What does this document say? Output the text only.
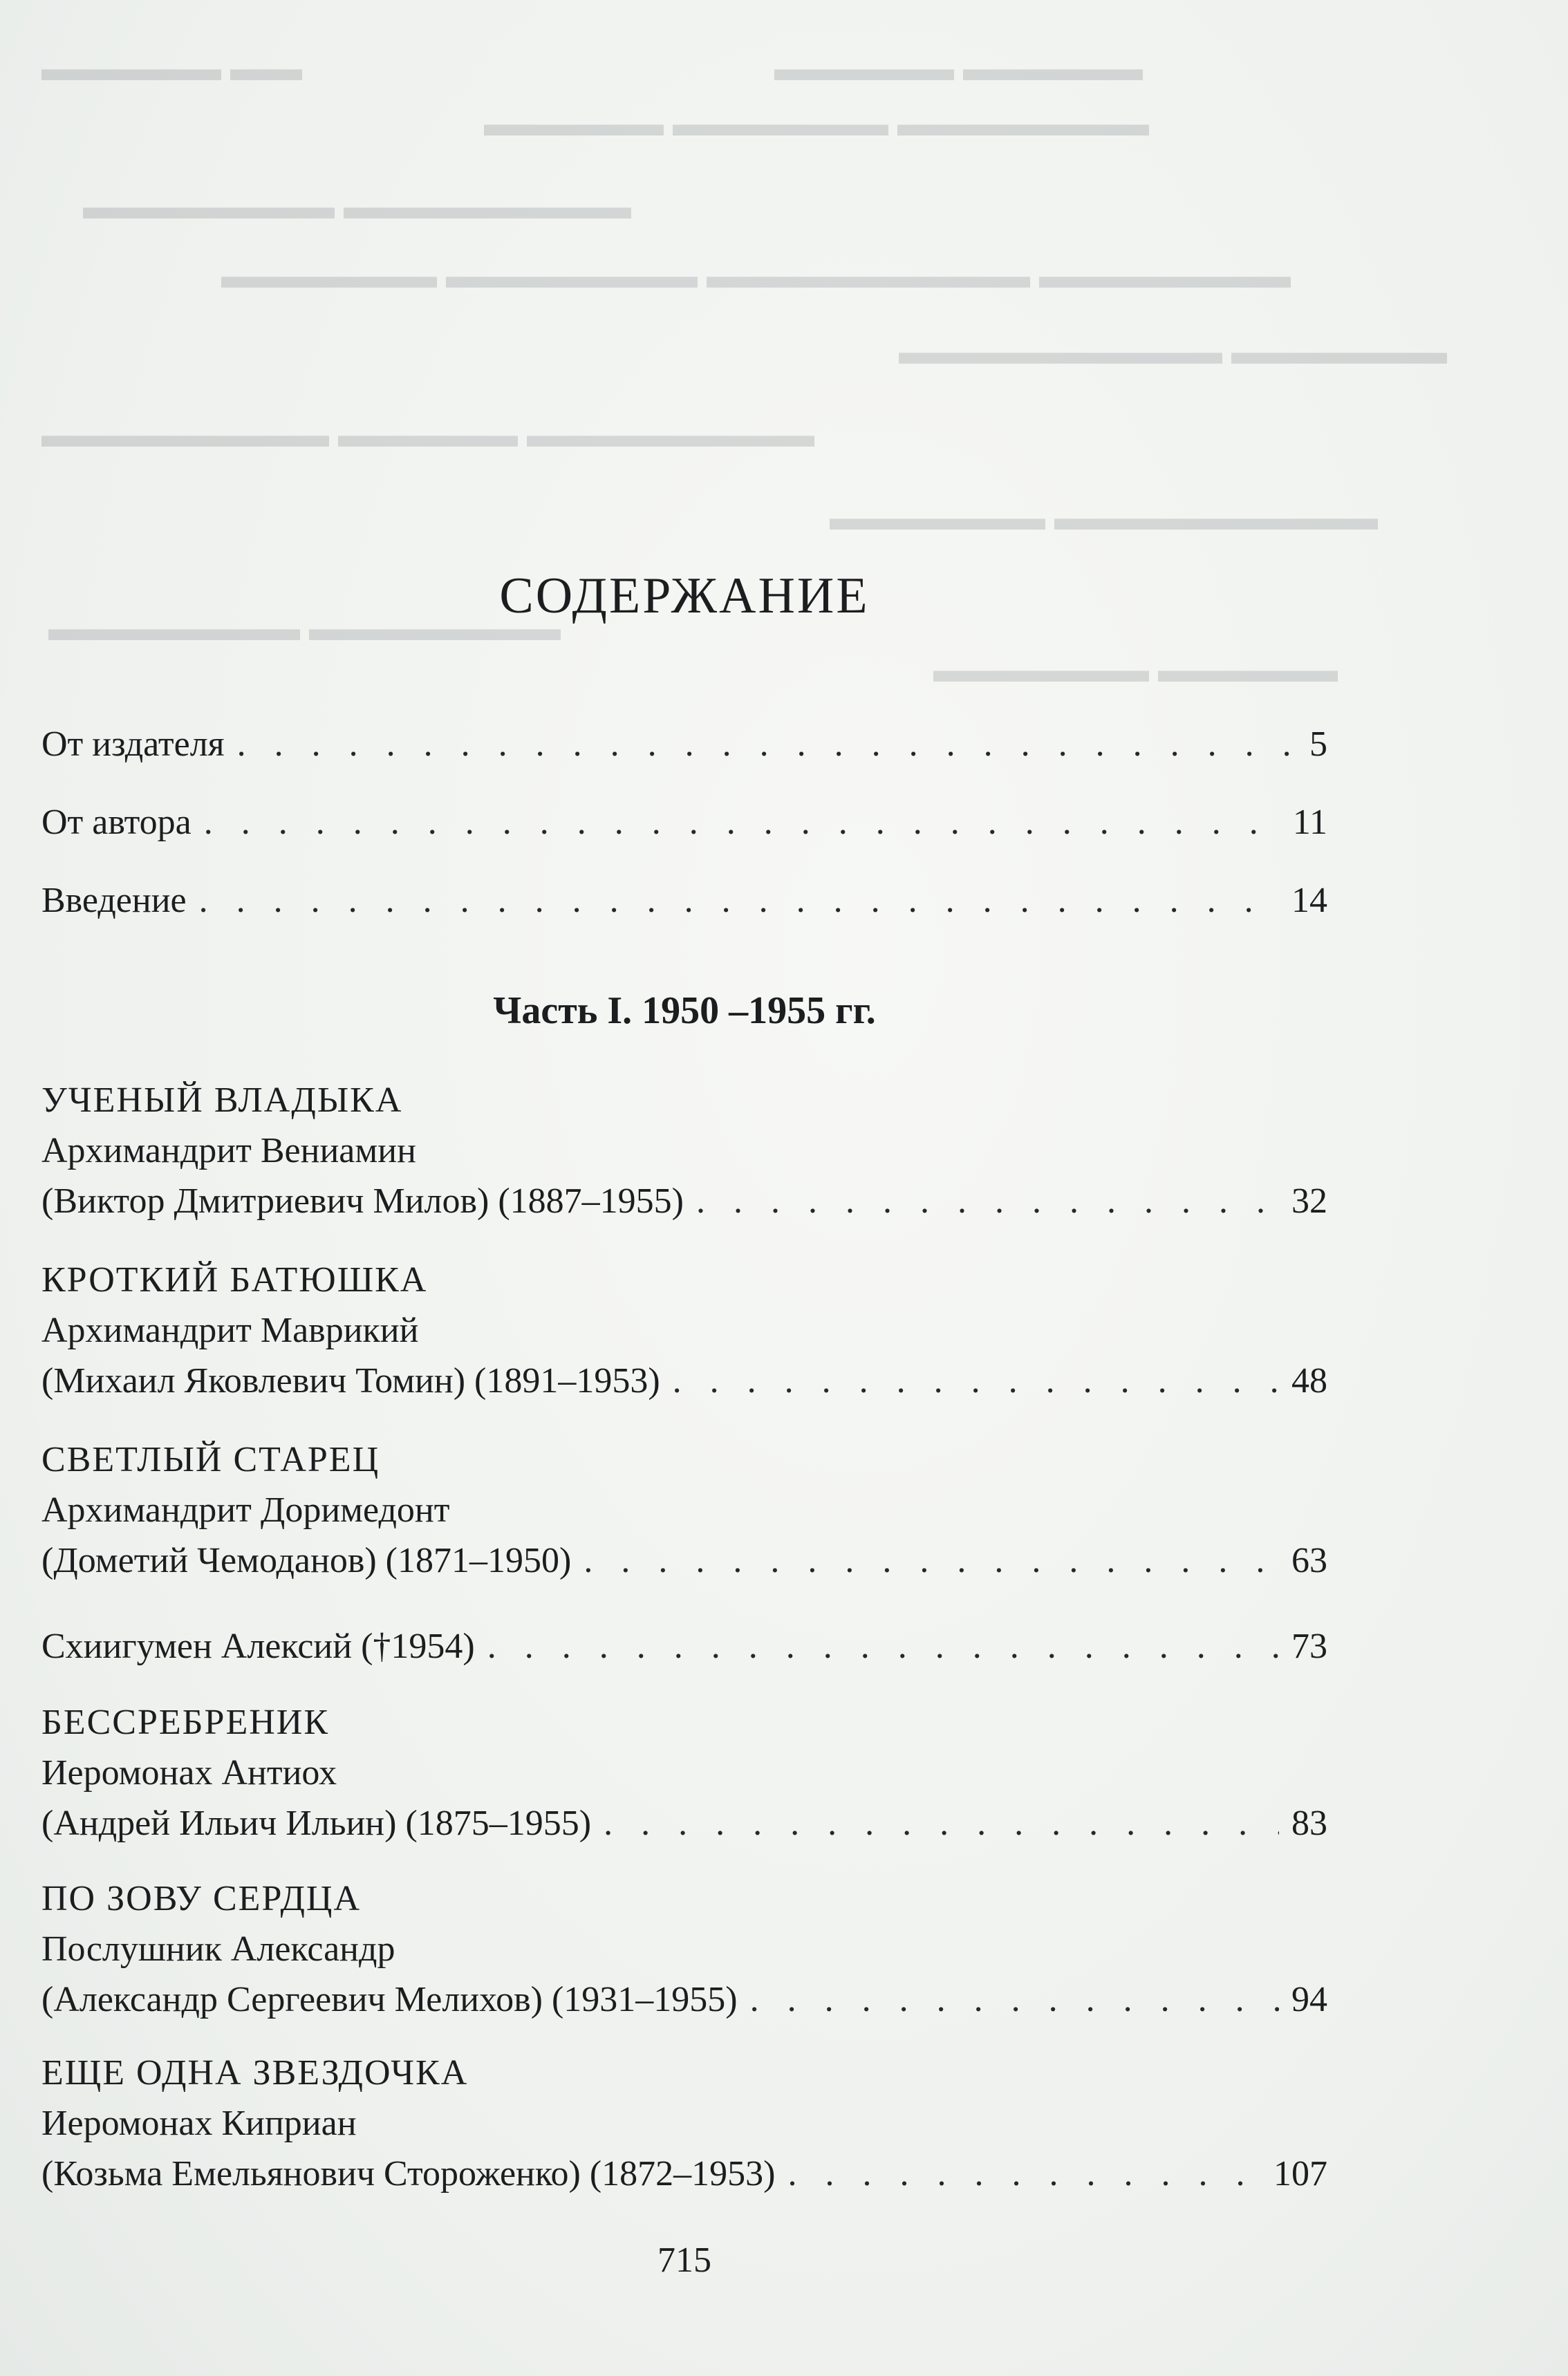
▬▬▬▬▬ ▬▬▬▬▬
▬▬ ▬▬▬▬▬
▬▬▬▬▬▬▬ ▬▬▬▬▬▬ ▬▬▬▬▬
▬▬▬▬▬▬▬▬ ▬▬▬▬▬▬▬
▬▬▬▬▬▬▬ ▬▬▬▬▬▬▬▬▬ ▬▬▬▬▬▬▬ ▬▬▬▬▬▬
▬▬▬▬▬▬ ▬▬▬▬▬▬▬▬▬
▬▬▬▬▬▬▬▬ ▬▬▬▬▬ ▬▬▬▬▬▬▬▬
▬▬▬▬▬▬▬▬▬ ▬▬▬▬▬▬
▬▬▬▬▬▬▬ ▬▬▬▬▬▬▬
▬▬▬▬▬ ▬▬▬▬▬▬
СОДЕРЖАНИЕ
От издателя . . .	5
От автора . . .	11
Введение . . .	14
Часть I. 1950 –1955 гг.
УЧЕНЫЙ ВЛАДЫКА
Архимандрит Вениамин
(Виктор Дмитриевич Милов) (1887–1955) . . .	32
КРОТКИЙ БАТЮШКА
Архимандрит Маврикий
(Михаил Яковлевич Томин) (1891–1953) . . .	48
СВЕТЛЫЙ СТАРЕЦ
Архимандрит Доримедонт
(Дометий Чемоданов) (1871–1950) . . .	63
Схиигумен Алексий (†1954) . . .	73
БЕССРЕБРЕНИК
Иеромонах Антиох
(Андрей Ильич Ильин) (1875–1955) . . .	83
ПО ЗОВУ СЕРДЦА
Послушник Александр
(Александр Сергеевич Мелихов) (1931–1955) . . .	94
ЕЩЕ ОДНА ЗВЕЗДОЧКА
Иеромонах Киприан
(Козьма Емельянович Стороженко) (1872–1953) . . .	107
715
